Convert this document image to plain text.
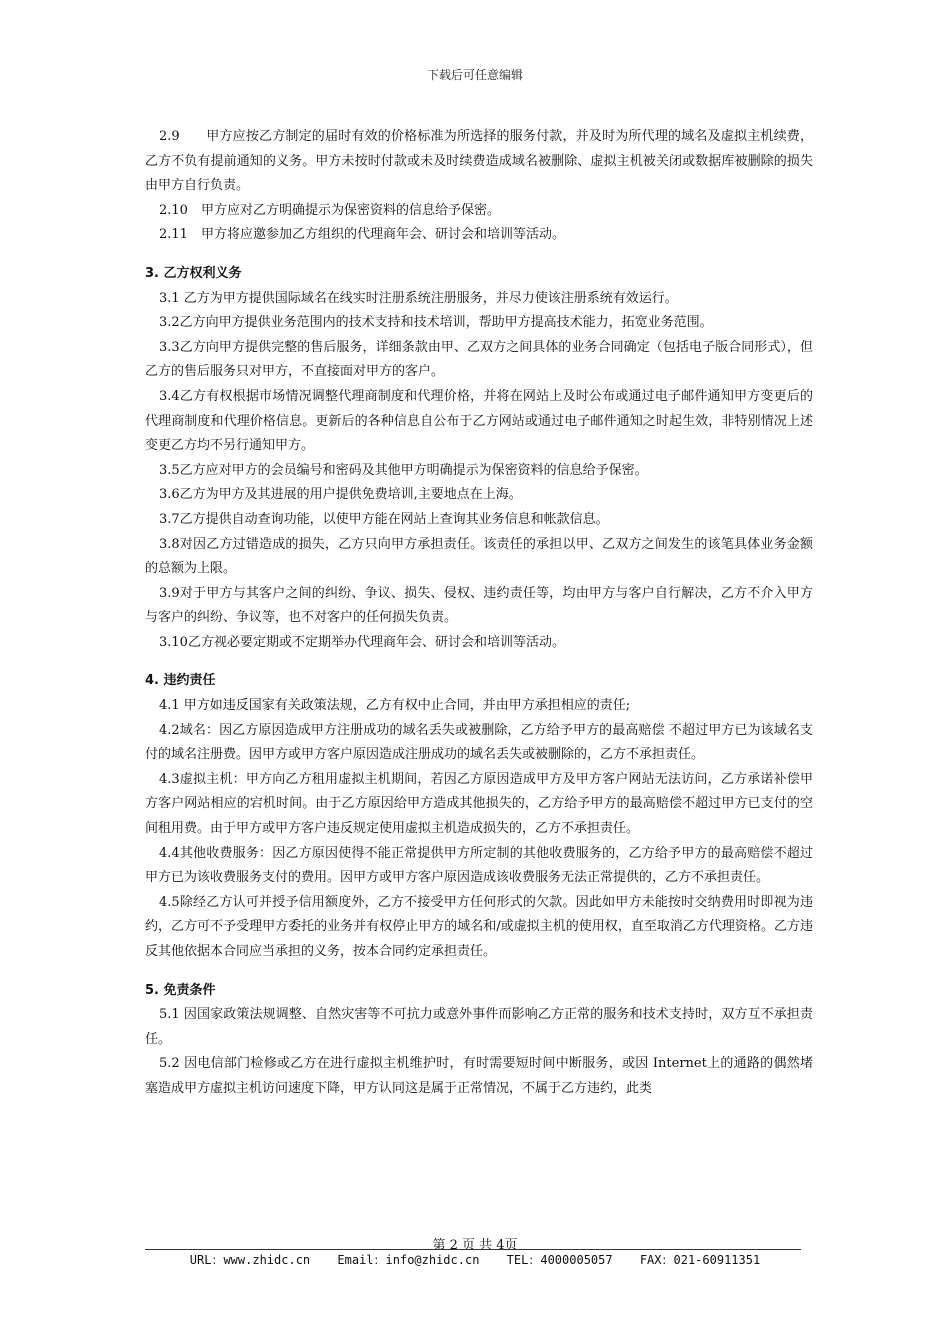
下载后可任意编辑

2.9　　甲方应按乙方制定的届时有效的价格标准为所选择的服务付款，并及时为所代理的域名及虚拟主机续费，乙方不负有提前通知的义务。甲方未按时付款或未及时续费造成域名被删除、虚拟主机被关闭或数据库被删除的损失由甲方自行负责。

2.10　甲方应对乙方明确提示为保密资料的信息给予保密。

2.11　甲方将应邀参加乙方组织的代理商年会、研讨会和培训等活动。

3. 乙方权利义务

3.1 乙方为甲方提供国际域名在线实时注册系统注册服务，并尽力使该注册系统有效运行。

3.2乙方向甲方提供业务范围内的技术支持和技术培训，帮助甲方提高技术能力，拓宽业务范围。

3.3乙方向甲方提供完整的售后服务，详细条款由甲、乙双方之间具体的业务合同确定（包括电子版合同形式），但乙方的售后服务只对甲方，不直接面对甲方的客户。

3.4乙方有权根据市场情况调整代理商制度和代理价格，并将在网站上及时公布或通过电子邮件通知甲方变更后的代理商制度和代理价格信息。更新后的各种信息自公布于乙方网站或通过电子邮件通知之时起生效，非特别情况上述变更乙方均不另行通知甲方。

3.5乙方应对甲方的会员编号和密码及其他甲方明确提示为保密资料的信息给予保密。

3.6乙方为甲方及其进展的用户提供免费培训,主要地点在上海。

3.7乙方提供自动查询功能，以使甲方能在网站上查询其业务信息和帐款信息。

3.8对因乙方过错造成的损失，乙方只向甲方承担责任。该责任的承担以甲、乙双方之间发生的该笔具体业务金额的总额为上限。

3.9对于甲方与其客户之间的纠纷、争议、损失、侵权、违约责任等，均由甲方与客户自行解决，乙方不介入甲方与客户的纠纷、争议等，也不对客户的任何损失负责。

3.10乙方视必要定期或不定期举办代理商年会、研讨会和培训等活动。

4. 违约责任

4.1 甲方如违反国家有关政策法规，乙方有权中止合同，并由甲方承担相应的责任;

4.2域名：因乙方原因造成甲方注册成功的域名丢失或被删除，乙方给予甲方的最高赔偿 不超过甲方已为该域名支付的域名注册费。因甲方或甲方客户原因造成注册成功的域名丢失或被删除的，乙方不承担责任。

4.3虚拟主机：甲方向乙方租用虚拟主机期间，若因乙方原因造成甲方及甲方客户网站无法访问，乙方承诺补偿甲方客户网站相应的宕机时间。由于乙方原因给甲方造成其他损失的，乙方给予甲方的最高赔偿不超过甲方已支付的空间租用费。由于甲方或甲方客户违反规定使用虚拟主机造成损失的，乙方不承担责任。

4.4其他收费服务：因乙方原因使得不能正常提供甲方所定制的其他收费服务的，乙方给予甲方的最高赔偿不超过甲方已为该收费服务支付的费用。因甲方或甲方客户原因造成该收费服务无法正常提供的，乙方不承担责任。

4.5除经乙方认可并授予信用额度外，乙方不接受甲方任何形式的欠款。因此如甲方未能按时交纳费用时即视为违约，乙方可不予受理甲方委托的业务并有权停止甲方的域名和/或虚拟主机的使用权，直至取消乙方代理资格。乙方违反其他依据本合同应当承担的义务，按本合同约定承担责任。

5. 免责条件

5.1 因国家政策法规调整、自然灾害等不可抗力或意外事件而影响乙方正常的服务和技术支持时，双方互不承担责任。

5.2 因电信部门检修或乙方在进行虚拟主机维护时，有时需要短时间中断服务，或因 Internet上的通路的偶然堵塞造成甲方虚拟主机访问速度下降，甲方认同这是属于正常情况，不属于乙方违约，此类

第 2 页 共 4页
URL：www.zhidc.cn Email：info@zhidc.cn TEL：4000005057 FAX：021-60911351
